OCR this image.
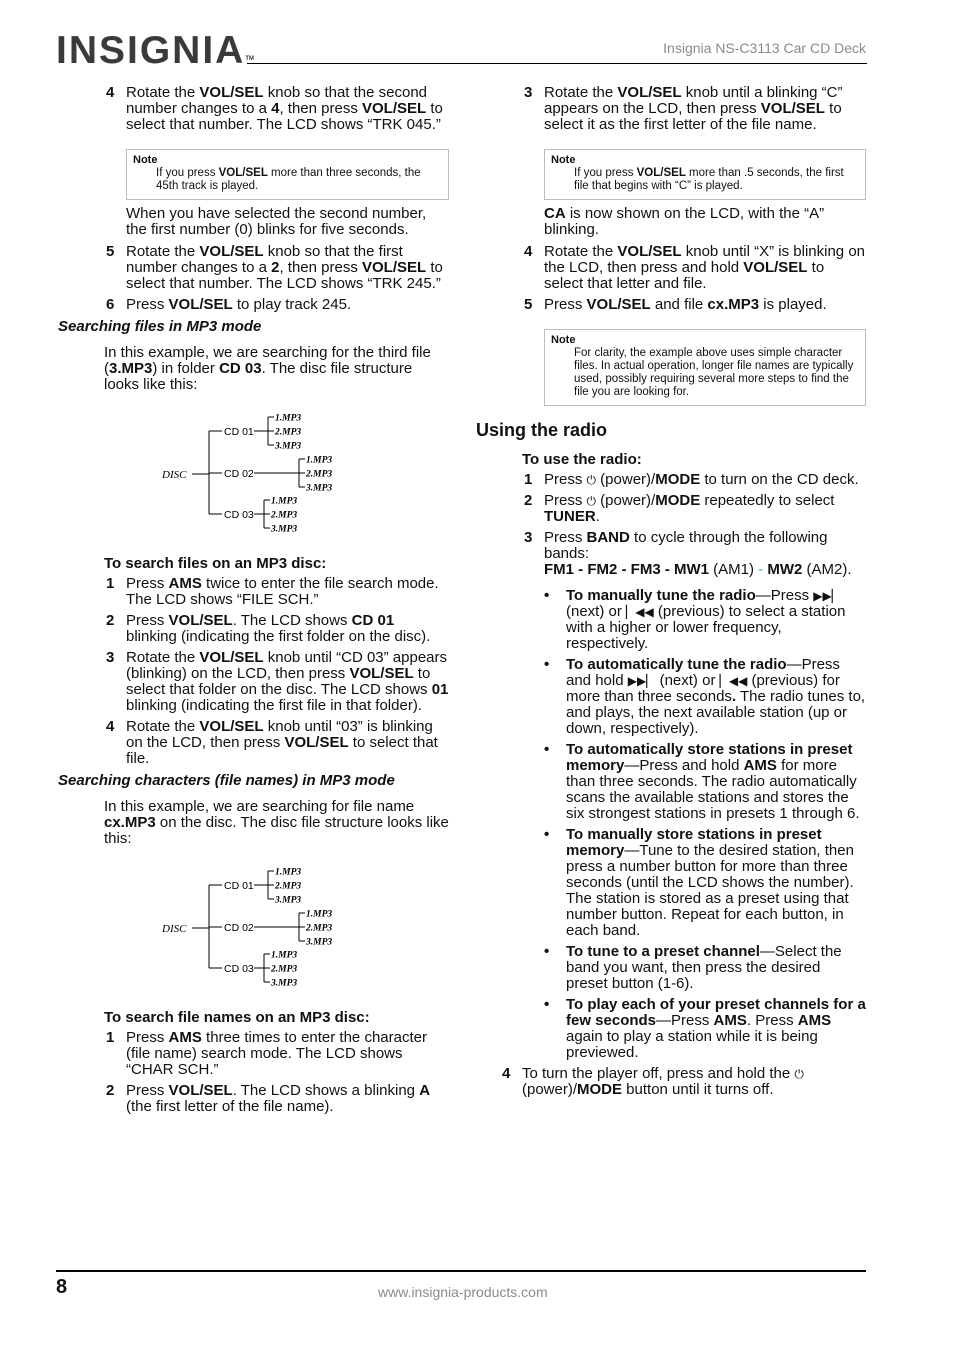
INSIGNIA™
Insignia NS-C3113 Car CD Deck
4 Rotate the VOL/SEL knob so that the second number changes to a 4, then press VOL/SEL to select that number. The LCD shows “TRK 045.”
Note
If you press VOL/SEL more than three seconds, the 45th track is played.
When you have selected the second number, the first number (0) blinks for five seconds.
5 Rotate the VOL/SEL knob so that the first number changes to a 2, then press VOL/SEL to select that number. The LCD shows “TRK 245.”
6 Press VOL/SEL to play track 245.
Searching files in MP3 mode
In this example, we are searching for the third file (3.MP3) in folder CD 03. The disc file structure looks like this:
DISC
CD 01
1.MP3
2.MP3
3.MP3
CD 02
1.MP3
2.MP3
3.MP3
CD 03
1.MP3
2.MP3
3.MP3
To search files on an MP3 disc:
1 Press AMS twice to enter the file search mode. The LCD shows “FILE SCH.”
2 Press VOL/SEL. The LCD shows CD 01 blinking (indicating the first folder on the disc).
3 Rotate the VOL/SEL knob until “CD 03” appears (blinking) on the LCD, then press VOL/SEL to select that folder on the disc. The LCD shows 01 blinking (indicating the first file in that folder).
4 Rotate the VOL/SEL knob until “03” is blinking on the LCD, then press VOL/SEL to select that file.
Searching characters (file names) in MP3 mode
In this example, we are searching for file name cx.MP3 on the disc. The disc file structure looks like this:
DISC
CD 01
1.MP3
2.MP3
3.MP3
CD 02
1.MP3
2.MP3
3.MP3
CD 03
1.MP3
2.MP3
3.MP3
To search file names on an MP3 disc:
1 Press AMS three times to enter the character (file name) search mode. The LCD shows “CHAR SCH.”
2 Press VOL/SEL. The LCD shows a blinking A (the first letter of the file name).
3 Rotate the VOL/SEL knob until a blinking “C” appears on the LCD, then press VOL/SEL to select it as the first letter of the file name.
Note
If you press VOL/SEL more than .5 seconds, the first file that begins with “C” is played.
CA is now shown on the LCD, with the “A” blinking.
4 Rotate the VOL/SEL knob until “X” is blinking on the LCD, then press and hold VOL/SEL to select that letter and file.
5 Press VOL/SEL and file cx.MP3 is played.
Note
For clarity, the example above uses simple character files. In actual operation, longer file names are typically used, possibly requiring several more steps to find the file you are looking for.
Using the radio
To use the radio:
1 Press ⏻ (power)/MODE to turn on the CD deck.
2 Press ⏻ (power)/MODE repeatedly to select TUNER.
3 Press BAND to cycle through the following bands:
FM1 - FM2 - FM3 - MW1 (AM1) - MW2 (AM2).
• To manually tune the radio—Press ▶▶▏ (next) or ▏◀◀ (previous) to select a station with a higher or lower frequency, respectively.
• To automatically tune the radio—Press and hold ▶▶▏ (next) or ▏◀◀ (previous) for more than three seconds. The radio tunes to, and plays, the next available station (up or down, respectively).
• To automatically store stations in preset memory—Press and hold AMS for more than three seconds. The radio automatically scans the available stations and stores the six strongest stations in presets 1 through 6.
• To manually store stations in preset memory—Tune to the desired station, then press a number button for more than three seconds (until the LCD shows the number). The station is stored as a preset using that number button. Repeat for each button, in each band.
• To tune to a preset channel—Select the band you want, then press the desired preset button (1-6).
• To play each of your preset channels for a few seconds—Press AMS. Press AMS again to play a station while it is being previewed.
4 To turn the player off, press and hold the ⏻ (power)/MODE button until it turns off.
8	www.insignia-products.com
